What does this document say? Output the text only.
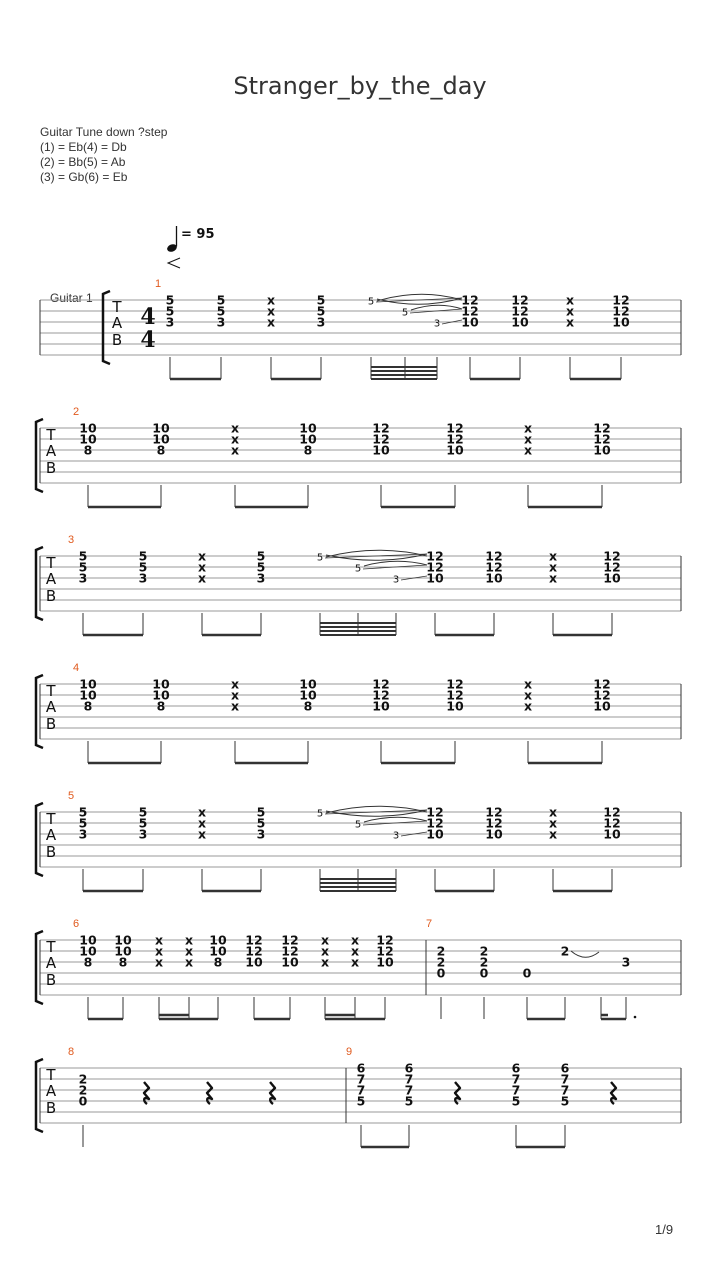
Stranger_by_the_day
Guitar Tune down ?step
(1) = Eb(4) = Db
(2) = Bb(5) = Ab
(3) = Gb(6) = Eb
= 95
Guitar 1 T
A
B
4
4
1
5
5
3
5
5
3
x
x
x
5
5
3
5
5
3
12
12
10
12
12
10
x
x
x
12
12
10
T
A
B
2
10
10
8
10
10
8
x
x
x
10
10
8
12
12
10
12
12
10
x
x
x
12
12
10
T
A
B
3
5
5
3
5
5
3
x
x
x
5
5
3
5
5
3
12
12
10
12
12
10
x
x
x
12
12
10
T
A
B
4
10
10
8
10
10
8
x
x
x
10
10
8
12
12
10
12
12
10
x
x
x
12
12
10
T
A
B
5
5
5
3
5
5
3
x
x
x
5
5
3
5
5
3
12
12
10
12
12
10
x
x
x
12
12
10
T
A
B
6
10
10
8
10
10
8
x
x
x
x
x
x
10
10
8
12
12
10
12
12
10
x
x
x
x
x
x
12
12
10
7
2
2
0
2
2
0	0
2
3
T
A
B
8
2
2
0
9
6
7
7
5
6
7
7
5
6
7
7
5
6
7
7
5
1/9
